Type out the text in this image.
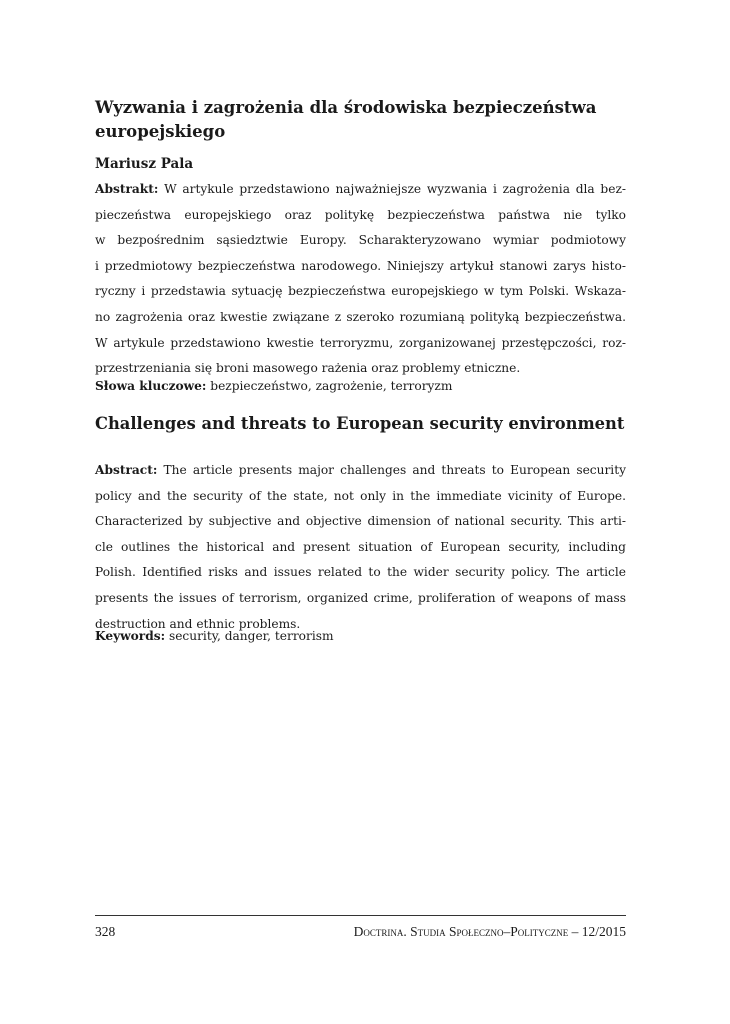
Wyzwania i zagrożenia dla środowiska bezpieczeństwa europejskiego

Mariusz Pala

Abstrakt: W artykule przedstawiono najważniejsze wyzwania i zagrożenia dla bez-
pieczeństwa europejskiego oraz politykę bezpieczeństwa państwa nie tylko
w bezpośrednim sąsiedztwie Europy. Scharakteryzowano wymiar podmiotowy
i przedmiotowy bezpieczeństwa narodowego. Niniejszy artykuł stanowi zarys histo-
ryczny i przedstawia sytuację bezpieczeństwa europejskiego w tym Polski. Wskaza-
no zagrożenia oraz kwestie związane z szeroko rozumianą polityką bezpieczeństwa.
W artykule przedstawiono kwestie terroryzmu, zorganizowanej przestępczości, roz-
przestrzeniania się broni masowego rażenia oraz problemy etniczne.

Słowa kluczowe: bezpieczeństwo, zagrożenie, terroryzm

Challenges and threats to European security environment
Abstract: The article presents major challenges and threats to European security
policy and the security of the state, not only in the immediate vicinity of Europe.
Characterized by subjective and objective dimension of national security. This arti-
cle outlines the historical and present situation of European security, including
Polish. Identified risks and issues related to the wider security policy. The article
presents the issues of terrorism, organized crime, proliferation of weapons of mass
destruction and ethnic problems.

Keywords: security, danger, terrorism

328	Doctrina. Studia Społeczno–Polityczne – 12/2015
